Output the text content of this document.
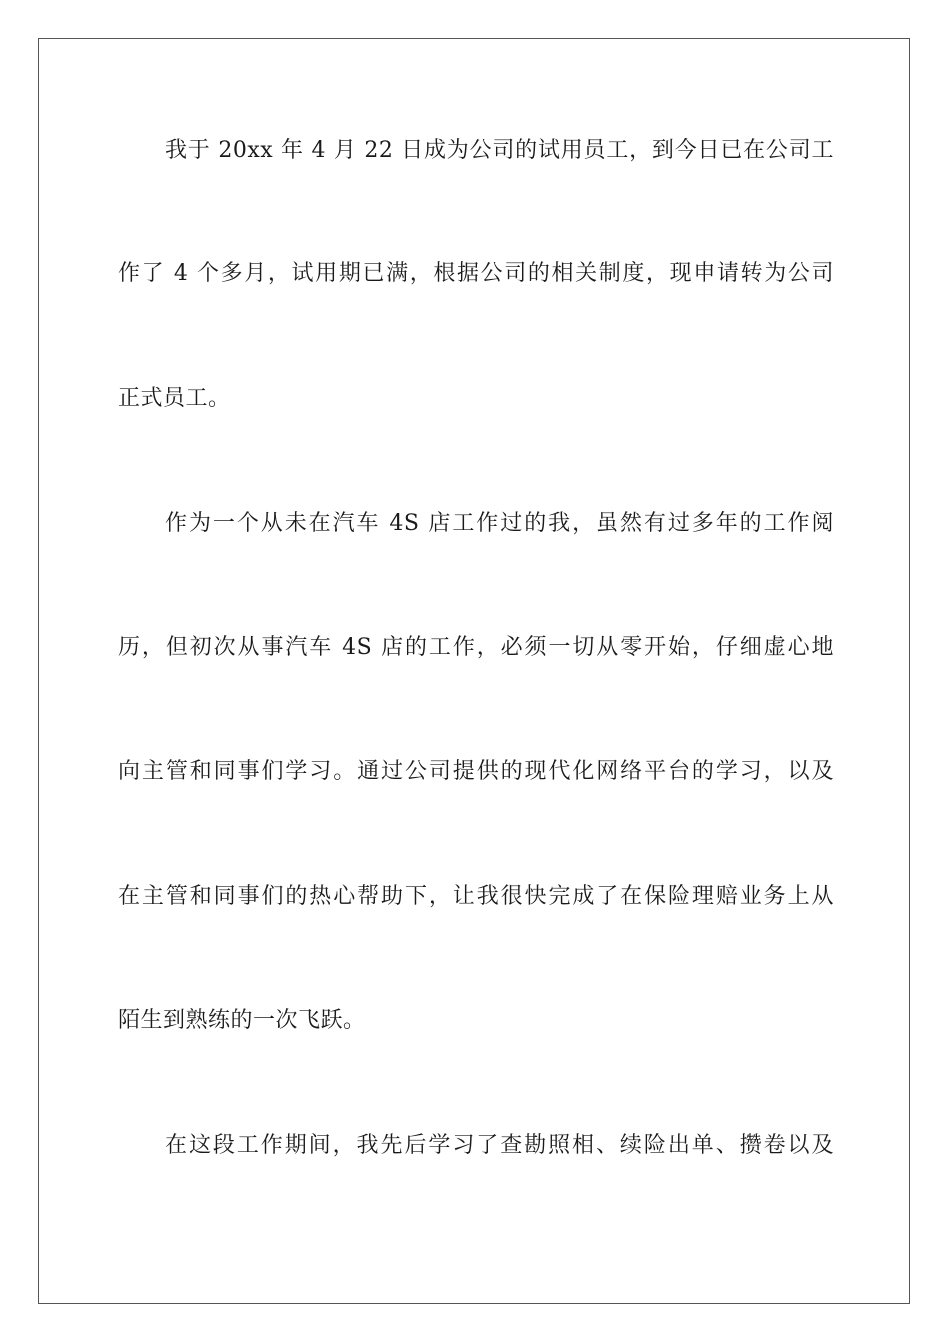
我于 20xx 年 4 月 22 日成为公司的试用员工，到今日已在公司工
作了 4 个多月，试用期已满，根据公司的相关制度，现申请转为公司
正式员工。
作为一个从未在汽车 4S 店工作过的我，虽然有过多年的工作阅
历，但初次从事汽车 4S 店的工作，必须一切从零开始，仔细虚心地
向主管和同事们学习。通过公司提供的现代化网络平台的学习，以及
在主管和同事们的热心帮助下，让我很快完成了在保险理赔业务上从
陌生到熟练的一次飞跃。
在这段工作期间，我先后学习了查勘照相、续险出单、攒卷以及
